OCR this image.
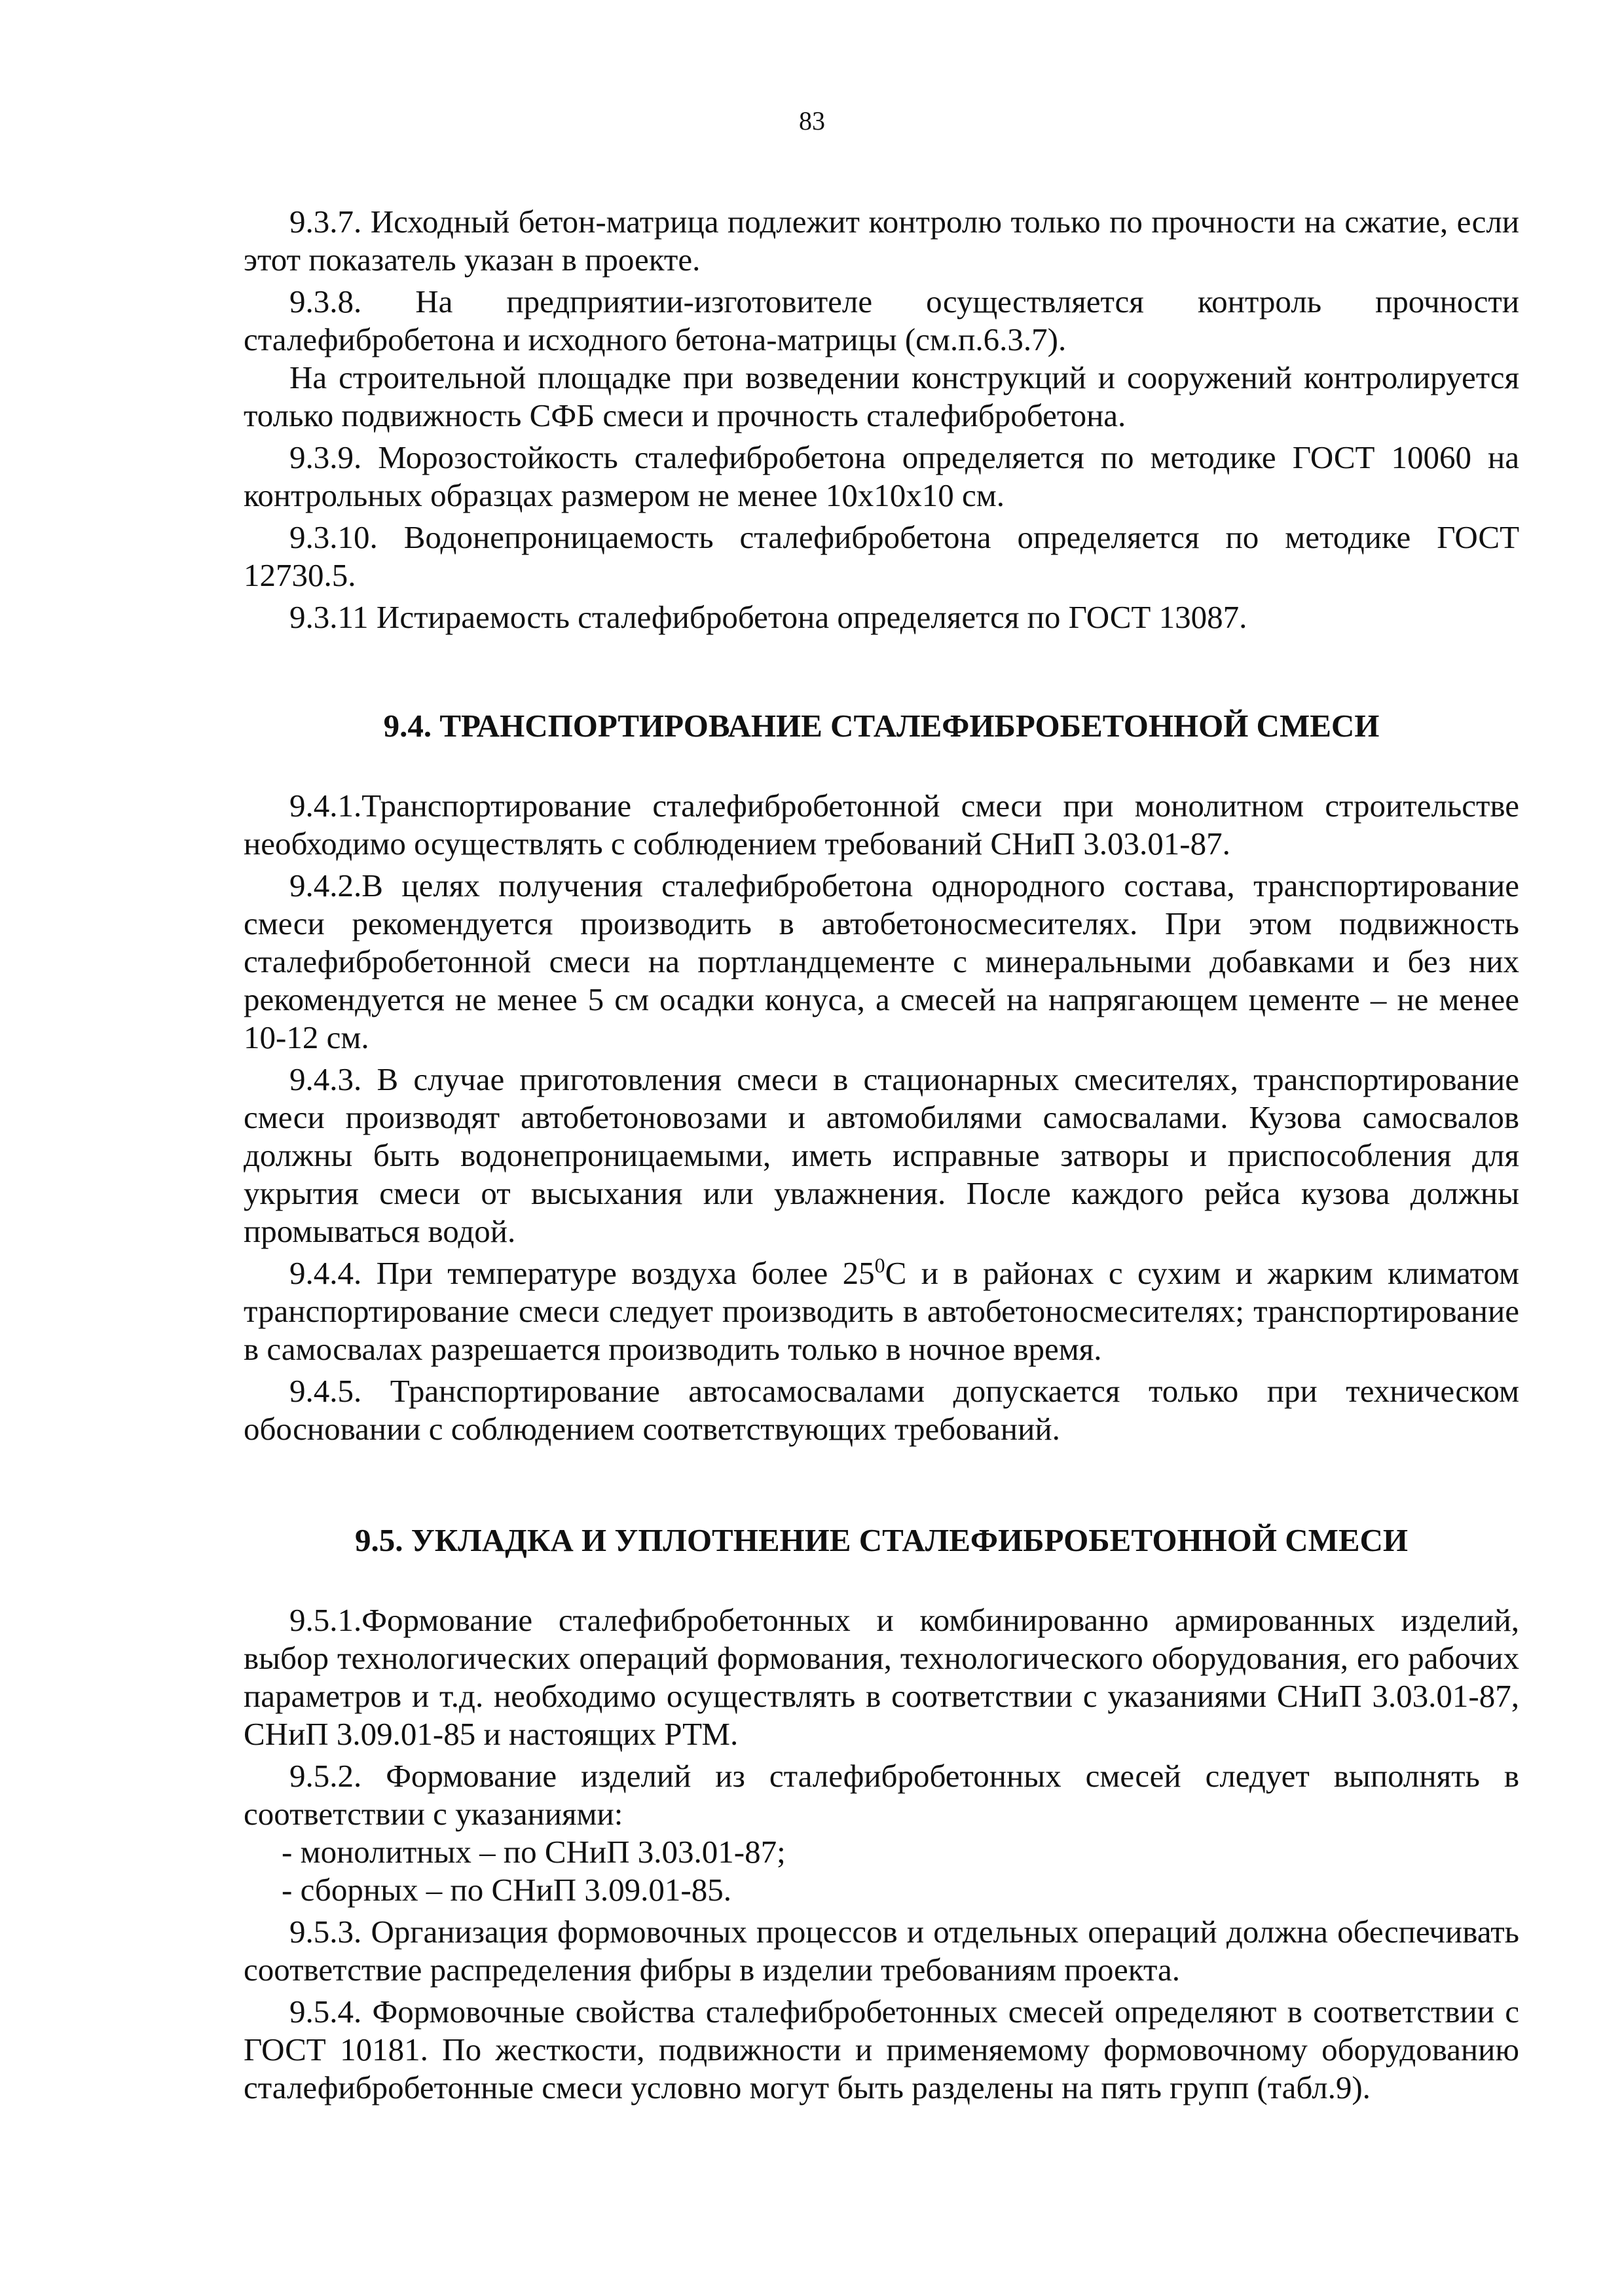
83

9.3.7. Исходный бетон-матрица подлежит контролю только по прочности на сжатие, если этот показатель указан в проекте.

9.3.8. На предприятии-изготовителе осуществляется контроль прочности сталефибробетона и исходного бетона-матрицы (см.п.6.3.7).

На строительной площадке при возведении конструкций и сооружений контролируется только подвижность СФБ смеси и прочность сталефибробетона.

9.3.9. Морозостойкость сталефибробетона определяется по методике ГОСТ 10060 на контрольных образцах размером не менее 10х10х10 см.

9.3.10. Водонепроницаемость сталефибробетона определяется по методике ГОСТ 12730.5.

9.3.11 Истираемость сталефибробетона определяется по ГОСТ 13087.

9.4. ТРАНСПОРТИРОВАНИЕ СТАЛЕФИБРОБЕТОННОЙ СМЕСИ

9.4.1.Транспортирование сталефибробетонной смеси при монолитном строительстве необходимо осуществлять с соблюдением требований СНиП 3.03.01-87.

9.4.2.В целях получения сталефибробетона однородного состава, транспортирование смеси рекомендуется производить в автобетоносмесителях. При этом подвижность сталефибробетонной смеси на портландцементе с минеральными добавками и без них рекомендуется не менее 5 см осадки конуса, а смесей на напрягающем цементе – не менее 10-12 см.

9.4.3. В случае приготовления смеси в стационарных смесителях, транспортирование смеси производят автобетоновозами и автомобилями самосвалами. Кузова самосвалов должны быть водонепроницаемыми, иметь исправные затворы и приспособления для укрытия смеси от высыхания или увлажнения. После каждого рейса кузова должны промываться водой.

9.4.4. При температуре воздуха более $25^0С$ и в районах с сухим и жарким климатом транспортирование смеси следует производить в автобетоносмесителях; транспортирование в самосвалах разрешается производить только в ночное время.

9.4.5. Транспортирование автосамосвалами допускается только при техническом обосновании с соблюдением соответствующих требований.

9.5. УКЛАДКА И УПЛОТНЕНИЕ СТАЛЕФИБРОБЕТОННОЙ СМЕСИ

9.5.1.Формование сталефибробетонных и комбинированно армированных изделий, выбор технологических операций формования, технологического оборудования, его рабочих параметров и т.д. необходимо осуществлять в соответствии с указаниями СНиП 3.03.01-87, СНиП 3.09.01-85 и настоящих РТМ.

9.5.2. Формование изделий из сталефибробетонных смесей следует выполнять в соответствии с указаниями:

- монолитных – по СНиП 3.03.01-87;

- сборных – по СНиП 3.09.01-85.

9.5.3. Организация формовочных процессов и отдельных операций должна обеспечивать соответствие распределения фибры в изделии требованиям проекта.

9.5.4. Формовочные свойства сталефибробетонных смесей определяют в соответствии с ГОСТ 10181. По жесткости, подвижности и применяемому формовочному оборудованию сталефибробетонные смеси условно могут быть разделены на пять групп (табл.9).
